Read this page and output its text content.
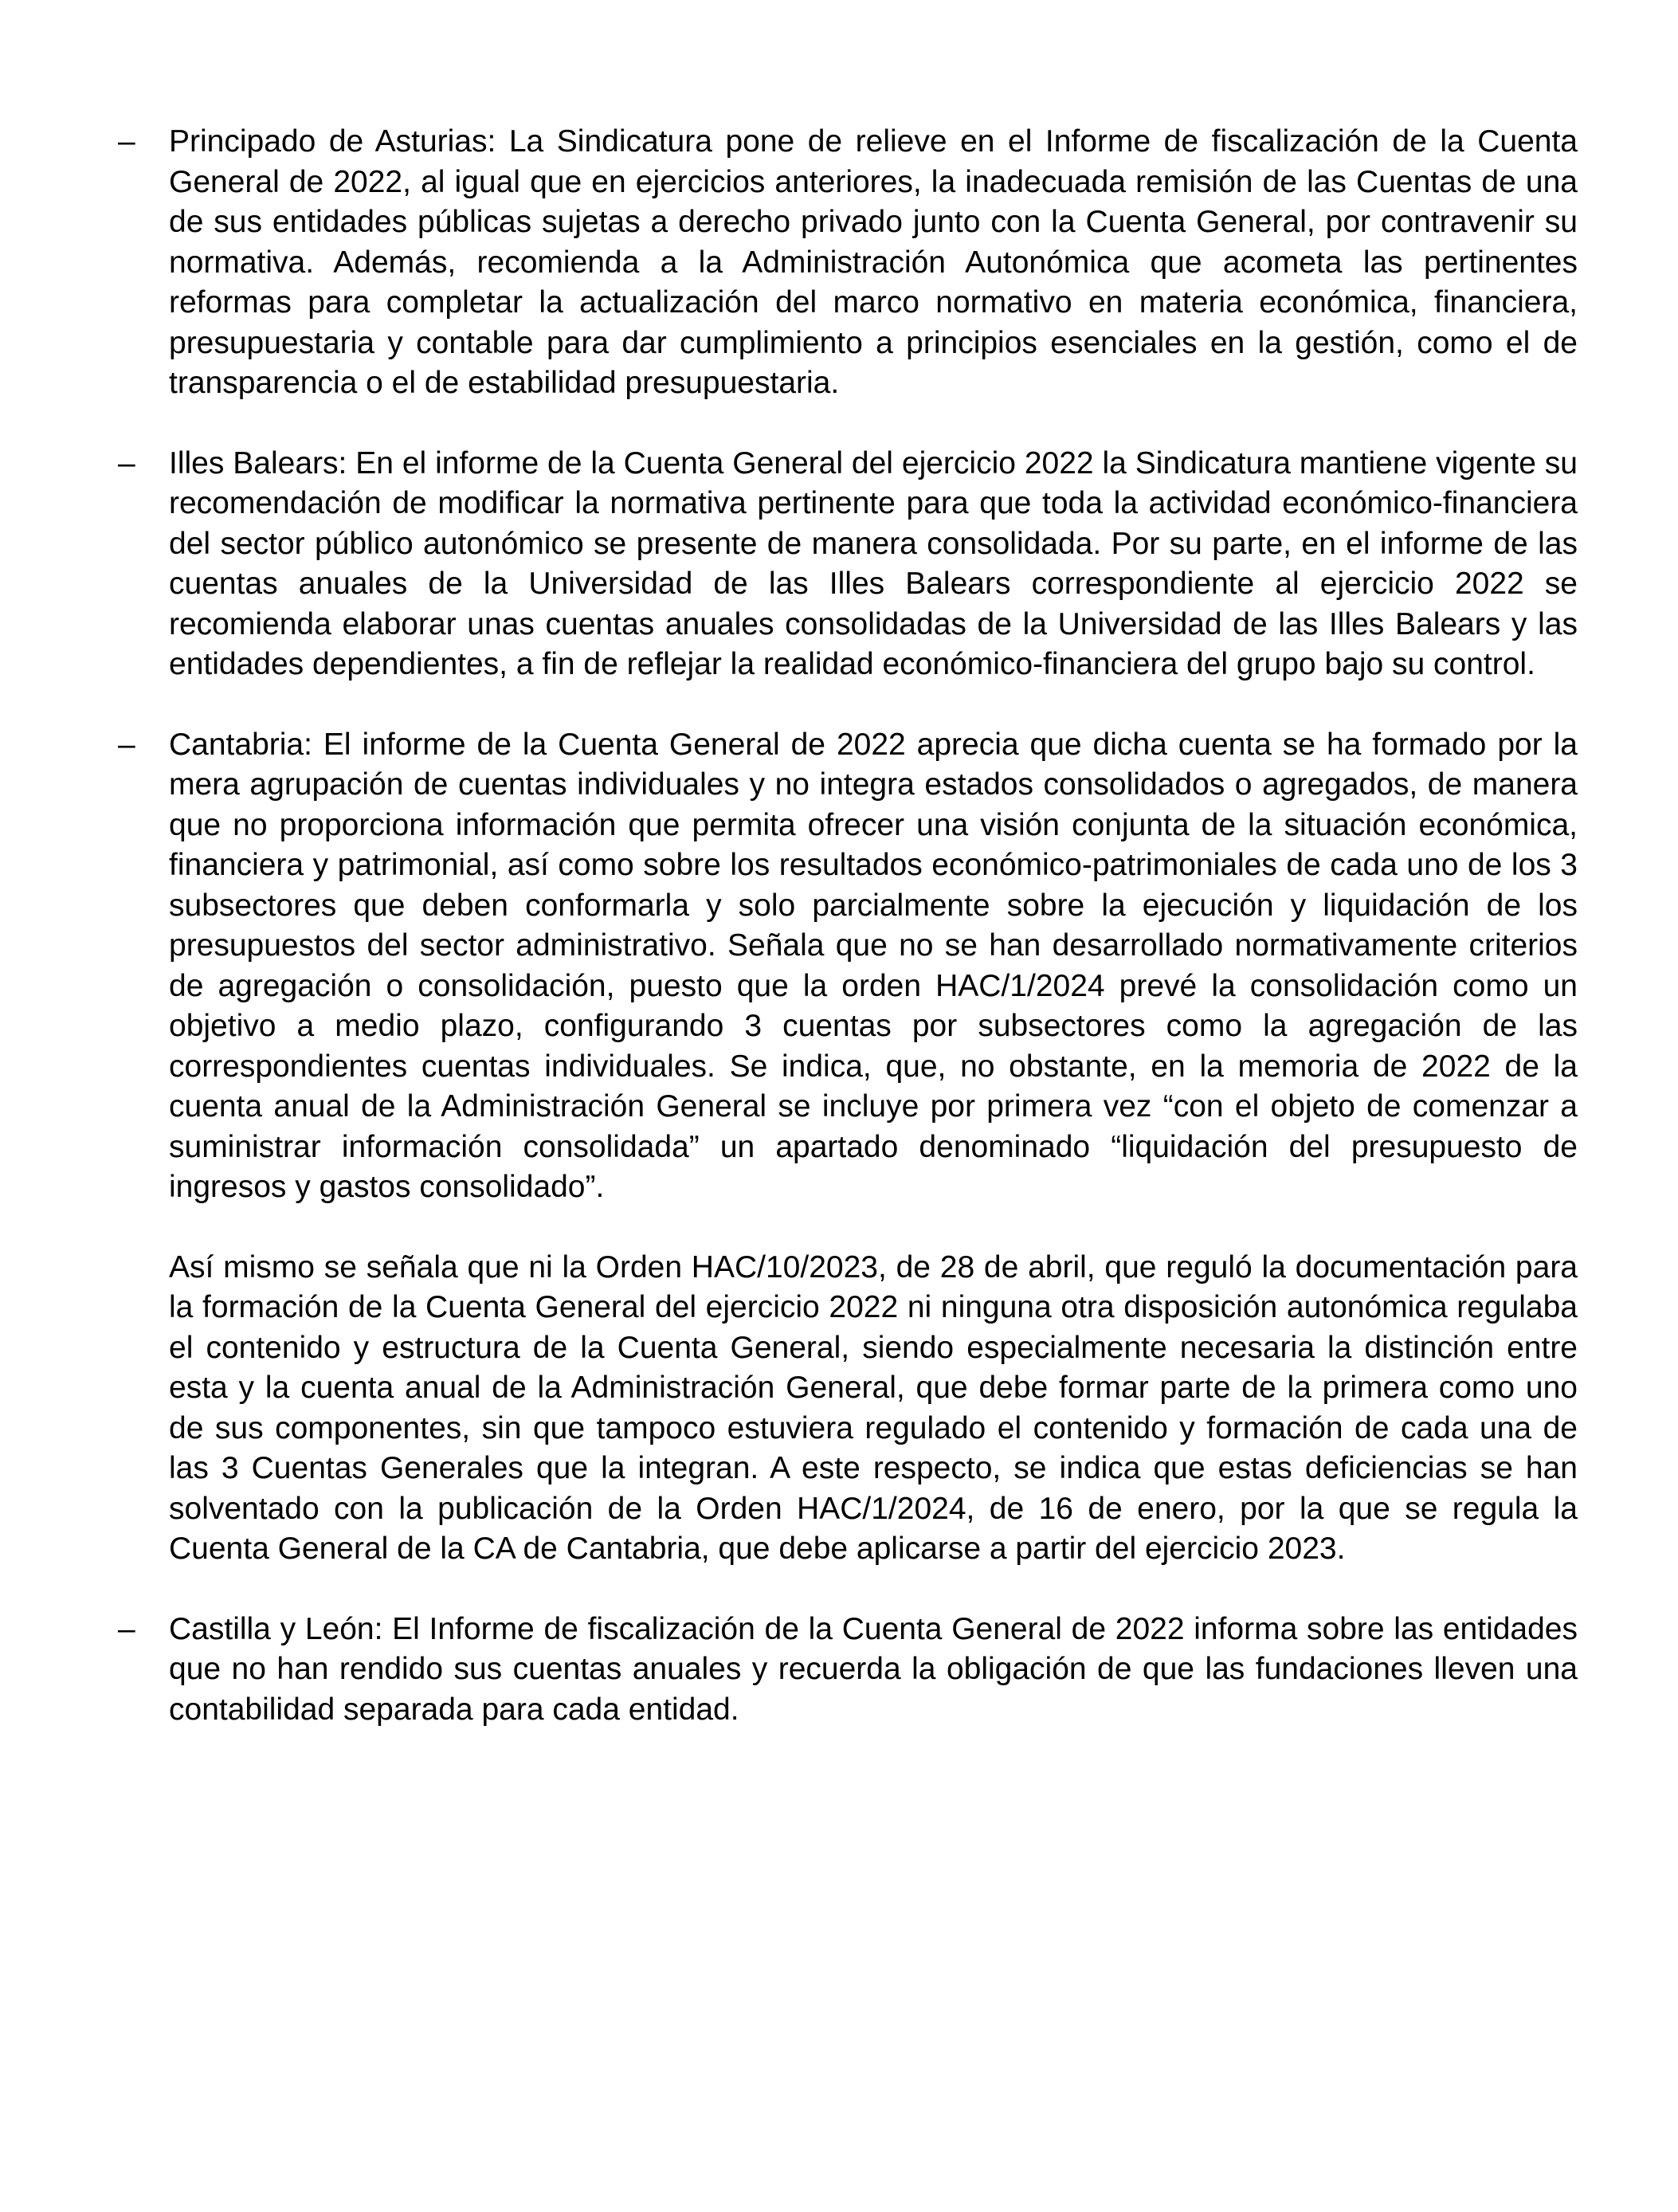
–	Principado de Asturias: La Sindicatura pone de relieve en el Informe de fiscalización de la Cuenta General de 2022, al igual que en ejercicios anteriores, la inadecuada remisión de las Cuentas de una de sus entidades públicas sujetas a derecho privado junto con la Cuenta General, por contravenir su normativa. Además, recomienda a la Administración Autonómica que acometa las pertinentes reformas para completar la actualización del marco normativo en materia económica, financiera, presupuestaria y contable para dar cumplimiento a principios esenciales en la gestión, como el de transparencia o el de estabilidad presupuestaria.

–	Illes Balears: En el informe de la Cuenta General del ejercicio 2022 la Sindicatura mantiene vigente su recomendación de modificar la normativa pertinente para que toda la actividad económico-financiera del sector público autonómico se presente de manera consolidada. Por su parte, en el informe de las cuentas anuales de la Universidad de las Illes Balears correspondiente al ejercicio 2022 se recomienda elaborar unas cuentas anuales consolidadas de la Universidad de las Illes Balears y las entidades dependientes, a fin de reflejar la realidad económico-financiera del grupo bajo su control.

–	Cantabria: El informe de la Cuenta General de 2022 aprecia que dicha cuenta se ha formado por la mera agrupación de cuentas individuales y no integra estados consolidados o agregados, de manera que no proporciona información que permita ofrecer una visión conjunta de la situación económica, financiera y patrimonial, así como sobre los resultados económico-patrimoniales de cada uno de los 3 subsectores que deben conformarla y solo parcialmente sobre la ejecución y liquidación de los presupuestos del sector administrativo. Señala que no se han desarrollado normativamente criterios de agregación o consolidación, puesto que la orden HAC/1/2024 prevé la consolidación como un objetivo a medio plazo, configurando 3 cuentas por subsectores como la agregación de las correspondientes cuentas individuales. Se indica, que, no obstante, en la memoria de 2022 de la cuenta anual de la Administración General se incluye por primera vez “con el objeto de comenzar a suministrar información consolidada” un apartado denominado “liquidación del presupuesto de ingresos y gastos consolidado”.

Así mismo se señala que ni la Orden HAC/10/2023, de 28 de abril, que reguló la documentación para la formación de la Cuenta General del ejercicio 2022 ni ninguna otra disposición autonómica regulaba el contenido y estructura de la Cuenta General, siendo especialmente necesaria la distinción entre esta y la cuenta anual de la Administración General, que debe formar parte de la primera como uno de sus componentes, sin que tampoco estuviera regulado el contenido y formación de cada una de las 3 Cuentas Generales que la integran. A este respecto, se indica que estas deficiencias se han solventado con la publicación de la Orden HAC/1/2024, de 16 de enero, por la que se regula la Cuenta General de la CA de Cantabria, que debe aplicarse a partir del ejercicio 2023.

–	Castilla y León: El Informe de fiscalización de la Cuenta General de 2022 informa sobre las entidades que no han rendido sus cuentas anuales y recuerda la obligación de que las fundaciones lleven una contabilidad separada para cada entidad.
